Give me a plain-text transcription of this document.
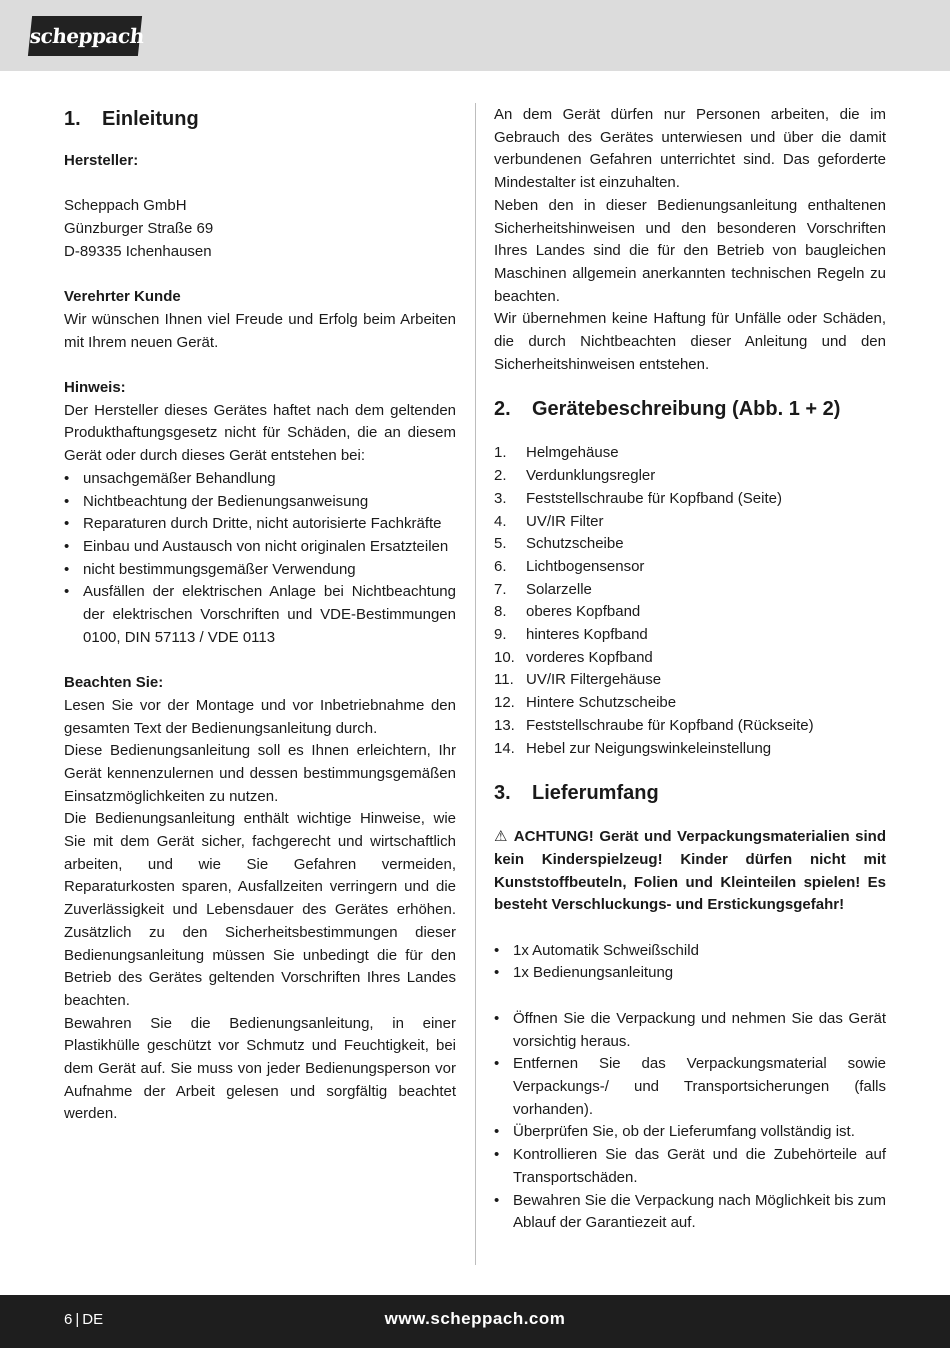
scheppach
1.	Einleitung

Hersteller:

Scheppach GmbH

Günzburger Straße 69

D-89335 Ichenhausen

Verehrter Kunde

Wir wünschen Ihnen viel Freude und Erfolg beim Arbeiten mit Ihrem neuen Gerät.

Hinweis:

Der Hersteller dieses Gerätes haftet nach dem geltenden Produkthaftungsgesetz nicht für Schäden, die an diesem Gerät oder durch dieses Gerät entstehen bei:

• unsachgemäßer Behandlung
• Nichtbeachtung der Bedienungsanweisung
• Reparaturen durch Dritte, nicht autorisierte Fachkräfte
• Einbau und Austausch von nicht originalen Ersatzteilen
• nicht bestimmungsgemäßer Verwendung
• Ausfällen der elektrischen Anlage bei Nichtbeachtung der elektrischen Vorschriften und VDE-Bestimmungen 0100, DIN 57113 / VDE 0113

Beachten Sie:

Lesen Sie vor der Montage und vor Inbetriebnahme den gesamten Text der Bedienungsanleitung durch.

Diese Bedienungsanleitung soll es Ihnen erleichtern, Ihr Gerät kennenzulernen und dessen bestimmungsgemäßen Einsatzmöglichkeiten zu nutzen.

Die Bedienungsanleitung enthält wichtige Hinweise, wie Sie mit dem Gerät sicher, fachgerecht und wirtschaftlich arbeiten, und wie Sie Gefahren vermeiden, Reparaturkosten sparen, Ausfallzeiten verringern und die Zuverlässigkeit und Lebensdauer des Gerätes erhöhen. Zusätzlich zu den Sicherheitsbestimmungen dieser Bedienungsanleitung müssen Sie unbedingt die für den Betrieb des Gerätes geltenden Vorschriften Ihres Landes beachten.

Bewahren Sie die Bedienungsanleitung, in einer Plastikhülle geschützt vor Schmutz und Feuchtigkeit, bei dem Gerät auf. Sie muss von jeder Bedienungsperson vor Aufnahme der Arbeit gelesen und sorgfältig beachtet werden.

An dem Gerät dürfen nur Personen arbeiten, die im Gebrauch des Gerätes unterwiesen und über die damit verbundenen Gefahren unterrichtet sind. Das geforderte Mindestalter ist einzuhalten.

Neben den in dieser Bedienungsanleitung enthaltenen Sicherheitshinweisen und den besonderen Vorschriften Ihres Landes sind die für den Betrieb von baugleichen Maschinen allgemein anerkannten technischen Regeln zu beachten.

Wir übernehmen keine Haftung für Unfälle oder Schäden, die durch Nichtbeachten dieser Anleitung und den Sicherheitshinweisen entstehen.

2.	Gerätebeschreibung (Abb. 1 + 2)
1.	Helmgehäuse
2.	Verdunklungsregler
3.	Feststellschraube für Kopfband (Seite)
4.	UV/IR Filter
5.	Schutzscheibe
6.	Lichtbogensensor
7.	Solarzelle
8.	oberes Kopfband
9.	hinteres Kopfband
10. vorderes Kopfband
11. UV/IR Filtergehäuse
12. Hintere Schutzscheibe
13. Feststellschraube für Kopfband (Rückseite)
14. Hebel zur Neigungswinkeleinstellung
3.	Lieferumfang

⚠ ACHTUNG! Gerät und Verpackungsmaterialien sind kein Kinderspielzeug! Kinder dürfen nicht mit Kunststoffbeuteln, Folien und Kleinteilen spielen! Es besteht Verschluckungs- und Erstickungsgefahr!

• 1x Automatik Schweißschild
• 1x Bedienungsanleitung
• Öffnen Sie die Verpackung und nehmen Sie das Gerät vorsichtig heraus.
• Entfernen Sie das Verpackungsmaterial sowie Verpackungs-/ und Transportsicherungen (falls vorhanden).
• Überprüfen Sie, ob der Lieferumfang vollständig ist.
• Kontrollieren Sie das Gerät und die Zubehörteile auf Transportschäden.
• Bewahren Sie die Verpackung nach Möglichkeit bis zum Ablauf der Garantiezeit auf.
6 | DE	www.scheppach.com
